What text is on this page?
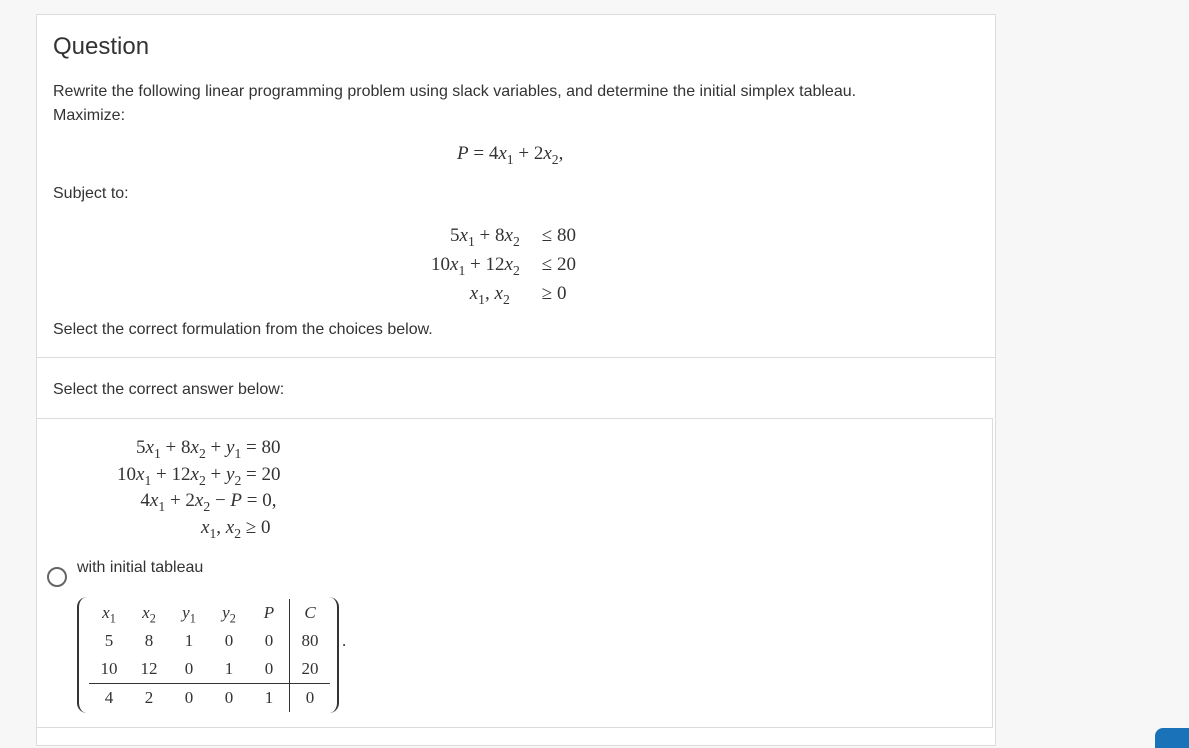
Question
Rewrite the following linear programming problem using slack variables, and determine the initial simplex tableau.
Maximize:
$P = 4x_1 + 2x_2$,
Subject to:
$5x_1 + 8x_2$	≤ 80
$10x_1 + 12x_2$	≤ 20
$x_1$, $x_2$	≥ 0
Select the correct formulation from the choices below.
Select the correct answer below:
$5x_1 + 8x_2 + y_1 = 80$
$10x_1 + 12x_2 + y_2 = 20$
$4x_1 + 2x_2 - P = 0$,
$x_1$, $x_2 \ge 0$
with initial tableau
$x_1$	$x_2$	$y_1$	$y_2$	P	C
5	8	1	0	0	80
10	12	0	1	0	20
4	2	0	0	1	0
.
